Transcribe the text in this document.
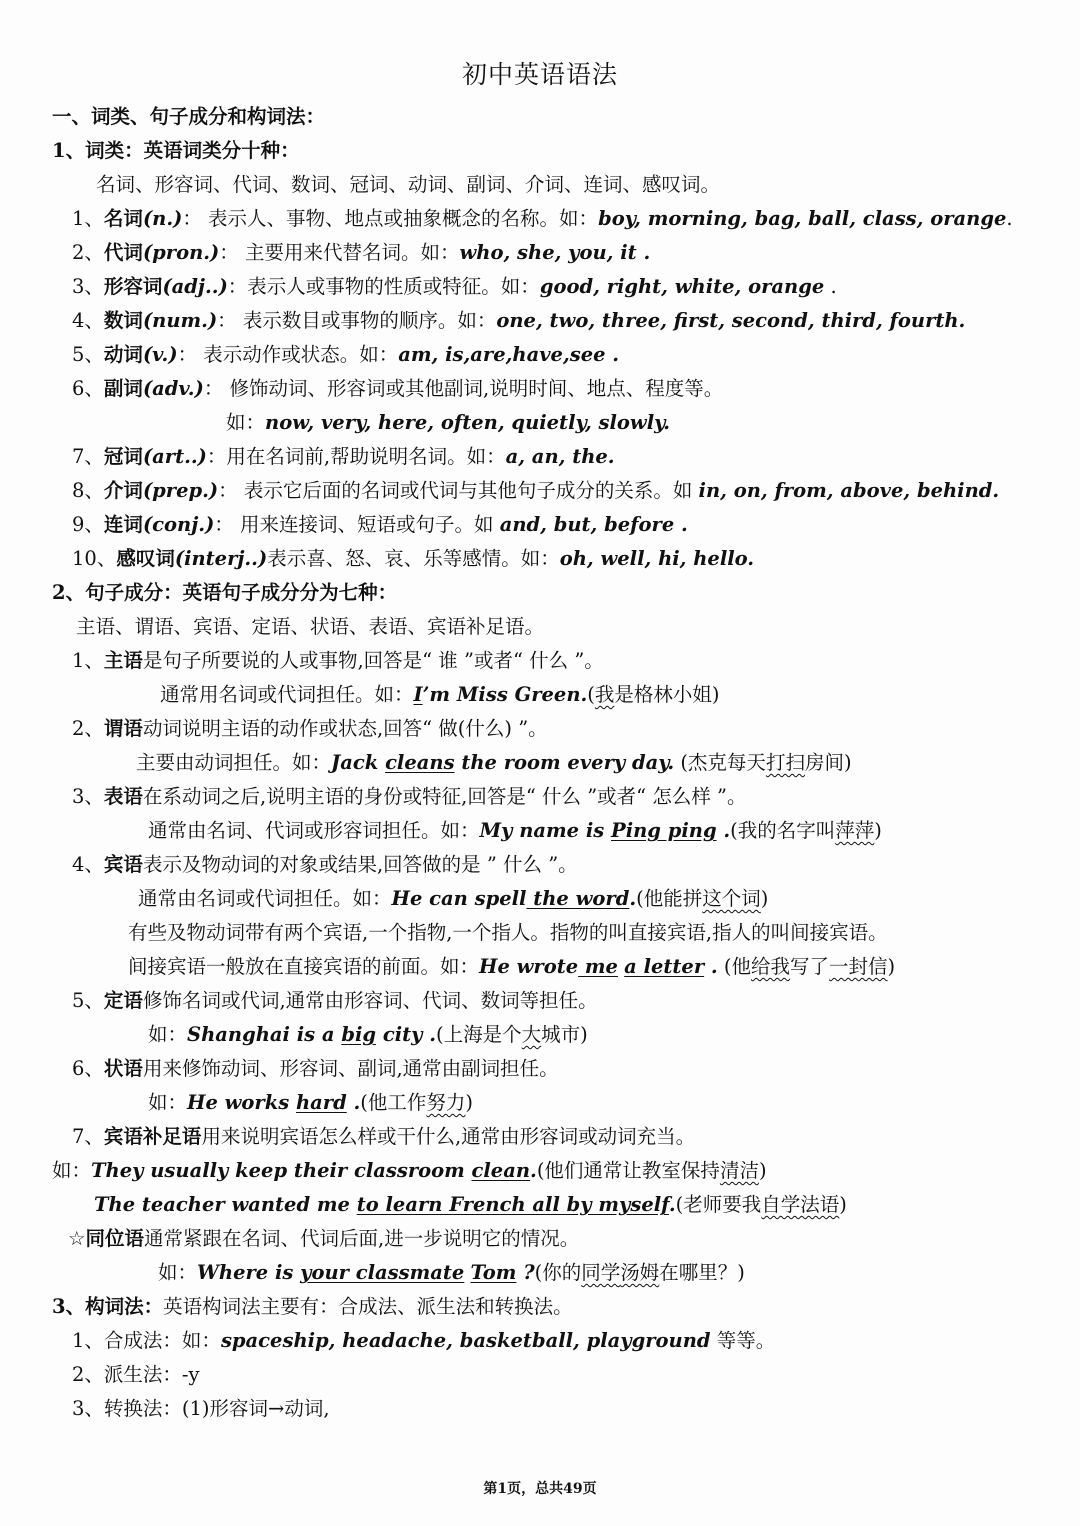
初中英语语法
一、词类、句子成分和构词法：
1、词类：英语词类分十种：
名词、形容词、代词、数词、冠词、动词、副词、介词、连词、感叹词。
1、名词(n.)： 表示人、事物、地点或抽象概念的名称。如：boy, morning, bag, ball, class, orange.
2、代词(pron.)： 主要用来代替名词。如：who, she, you, it .
3、形容词(adj..)：表示人或事物的性质或特征。如：good, right, white, orange .
4、数词(num.)： 表示数目或事物的顺序。如：one, two, three, first, second, third, fourth.
5、动词(v.)： 表示动作或状态。如：am, is,are,have,see .
6、副词(adv.)： 修饰动词、形容词或其他副词,说明时间、地点、程度等。
如：now, very, here, often, quietly, slowly.
7、冠词(art..)：用在名词前,帮助说明名词。如：a, an, the.
8、介词(prep.)： 表示它后面的名词或代词与其他句子成分的关系。如 in, on, from, above, behind.
9、连词(conj.)： 用来连接词、短语或句子。如 and, but, before .
10、感叹词(interj..)表示喜、怒、哀、乐等感情。如：oh, well, hi, hello.
2、句子成分：英语句子成分分为七种：
主语、谓语、宾语、定语、状语、表语、宾语补足语。
1、主语是句子所要说的人或事物,回答是“ 谁 ”或者“ 什么 ”。
通常用名词或代词担任。如：I’m Miss Green.(我是格林小姐)
2、谓语动词说明主语的动作或状态,回答“ 做(什么) ”。
主要由动词担任。如：Jack cleans the room every day. (杰克每天打扫房间)
3、表语在系动词之后,说明主语的身份或特征,回答是“ 什么 ”或者“ 怎么样 ”。
通常由名词、代词或形容词担任。如：My name is Ping ping .(我的名字叫萍萍)
4、宾语表示及物动词的对象或结果,回答做的是 ” 什么 ”。
通常由名词或代词担任。如：He can spell the word.(他能拼这个词)
有些及物动词带有两个宾语,一个指物,一个指人。指物的叫直接宾语,指人的叫间接宾语。
间接宾语一般放在直接宾语的前面。如：He wrote me a letter . (他给我写了一封信)
5、定语修饰名词或代词,通常由形容词、代词、数词等担任。
如：Shanghai is a big city .(上海是个大城市)
6、状语用来修饰动词、形容词、副词,通常由副词担任。
如：He works hard .(他工作努力)
7、宾语补足语用来说明宾语怎么样或干什么,通常由形容词或动词充当。
如：They usually keep their classroom clean.(他们通常让教室保持清洁)
The teacher wanted me to learn French all by myself.(老师要我自学法语)
☆同位语通常紧跟在名词、代词后面,进一步说明它的情况。
如：Where is your classmate Tom ?(你的同学汤姆在哪里？)
3、构词法：英语构词法主要有：合成法、派生法和转换法。
1、合成法：如：spaceship, headache, basketball, playground 等等。
2、派生法：-y
3、转换法：(1)形容词→动词,
第1页，总共49页
